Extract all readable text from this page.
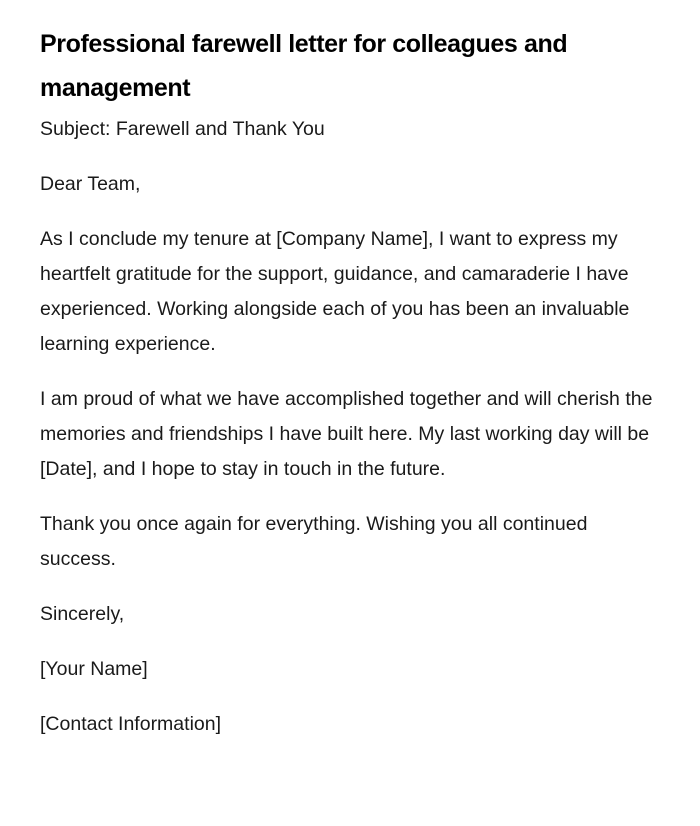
Professional farewell letter for colleagues and management

Subject: Farewell and Thank You

Dear Team,

As I conclude my tenure at [Company Name], I want to express my heartfelt gratitude for the support, guidance, and camaraderie I have experienced. Working alongside each of you has been an invaluable learning experience.

I am proud of what we have accomplished together and will cherish the memories and friendships I have built here. My last working day will be [Date], and I hope to stay in touch in the future.

Thank you once again for everything. Wishing you all continued success.

Sincerely,

[Your Name]

[Contact Information]
